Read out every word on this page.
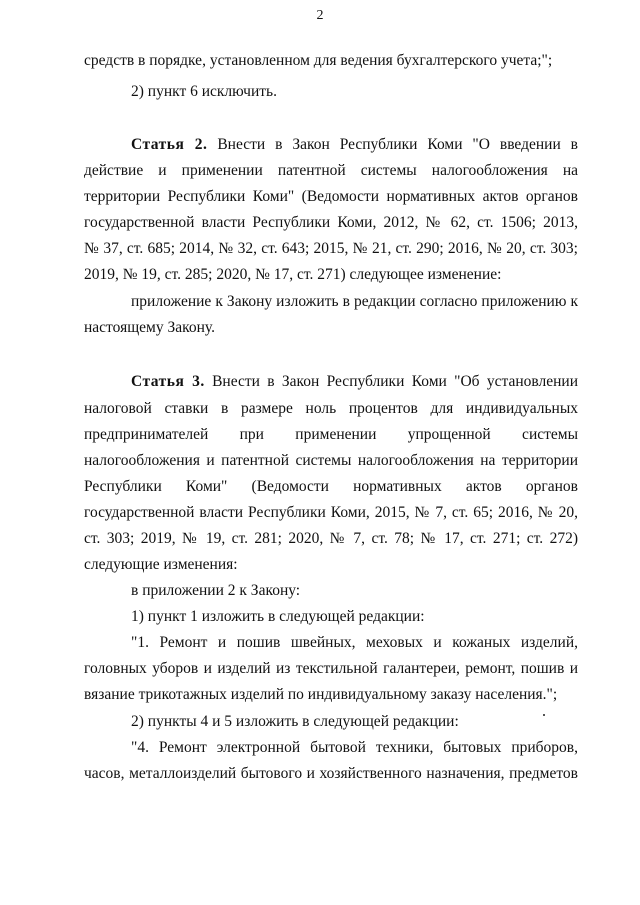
2
средств в порядке, установленном для ведения бухгалтерского учета;";
2) пункт 6 исключить.
Статья 2. Внести в Закон Республики Коми "О введении в
действие и применении патентной системы налогообложения на
территории Республики Коми" (Ведомости нормативных актов органов
государственной власти Республики Коми, 2012, № 62, ст. 1506; 2013,
№ 37, ст. 685; 2014, № 32, ст. 643; 2015, № 21, ст. 290; 2016, № 20, ст. 303;
2019, № 19, ст. 285; 2020, № 17, ст. 271) следующее изменение:
приложение к Закону изложить в редакции согласно приложению к
настоящему Закону.
Статья 3. Внести в Закон Республики Коми "Об установлении
налоговой ставки в размере ноль процентов для индивидуальных
предпринимателей при применении упрощенной системы
налогообложения и патентной системы налогообложения на территории
Республики Коми" (Ведомости нормативных актов органов
государственной власти Республики Коми, 2015, № 7, ст. 65; 2016, № 20,
ст. 303; 2019, № 19, ст. 281; 2020, № 7, ст. 78; № 17, ст. 271; ст. 272)
следующие изменения:
в приложении 2 к Закону:
1) пункт 1 изложить в следующей редакции:
"1. Ремонт и пошив швейных, меховых и кожаных изделий,
головных уборов и изделий из текстильной галантереи, ремонт, пошив и
вязание трикотажных изделий по индивидуальному заказу населения.";
2) пункты 4 и 5 изложить в следующей редакции:
"4. Ремонт электронной бытовой техники, бытовых приборов,
часов, металлоизделий бытового и хозяйственного назначения, предметов
